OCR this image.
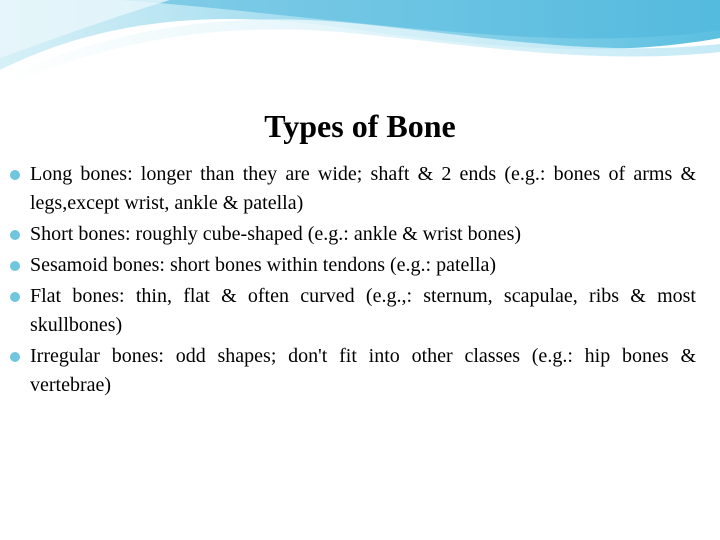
Types of Bone
Long bones: longer than they are wide; shaft & 2 ends (e.g.: bones of arms & legs,except wrist, ankle & patella)
Short bones: roughly cube-shaped (e.g.: ankle & wrist bones)
Sesamoid bones: short bones within tendons (e.g.: patella)
Flat bones: thin, flat & often curved (e.g.,: sternum, scapulae, ribs & most skullbones)
Irregular bones: odd shapes; don't fit into other classes (e.g.: hip bones & vertebrae)
